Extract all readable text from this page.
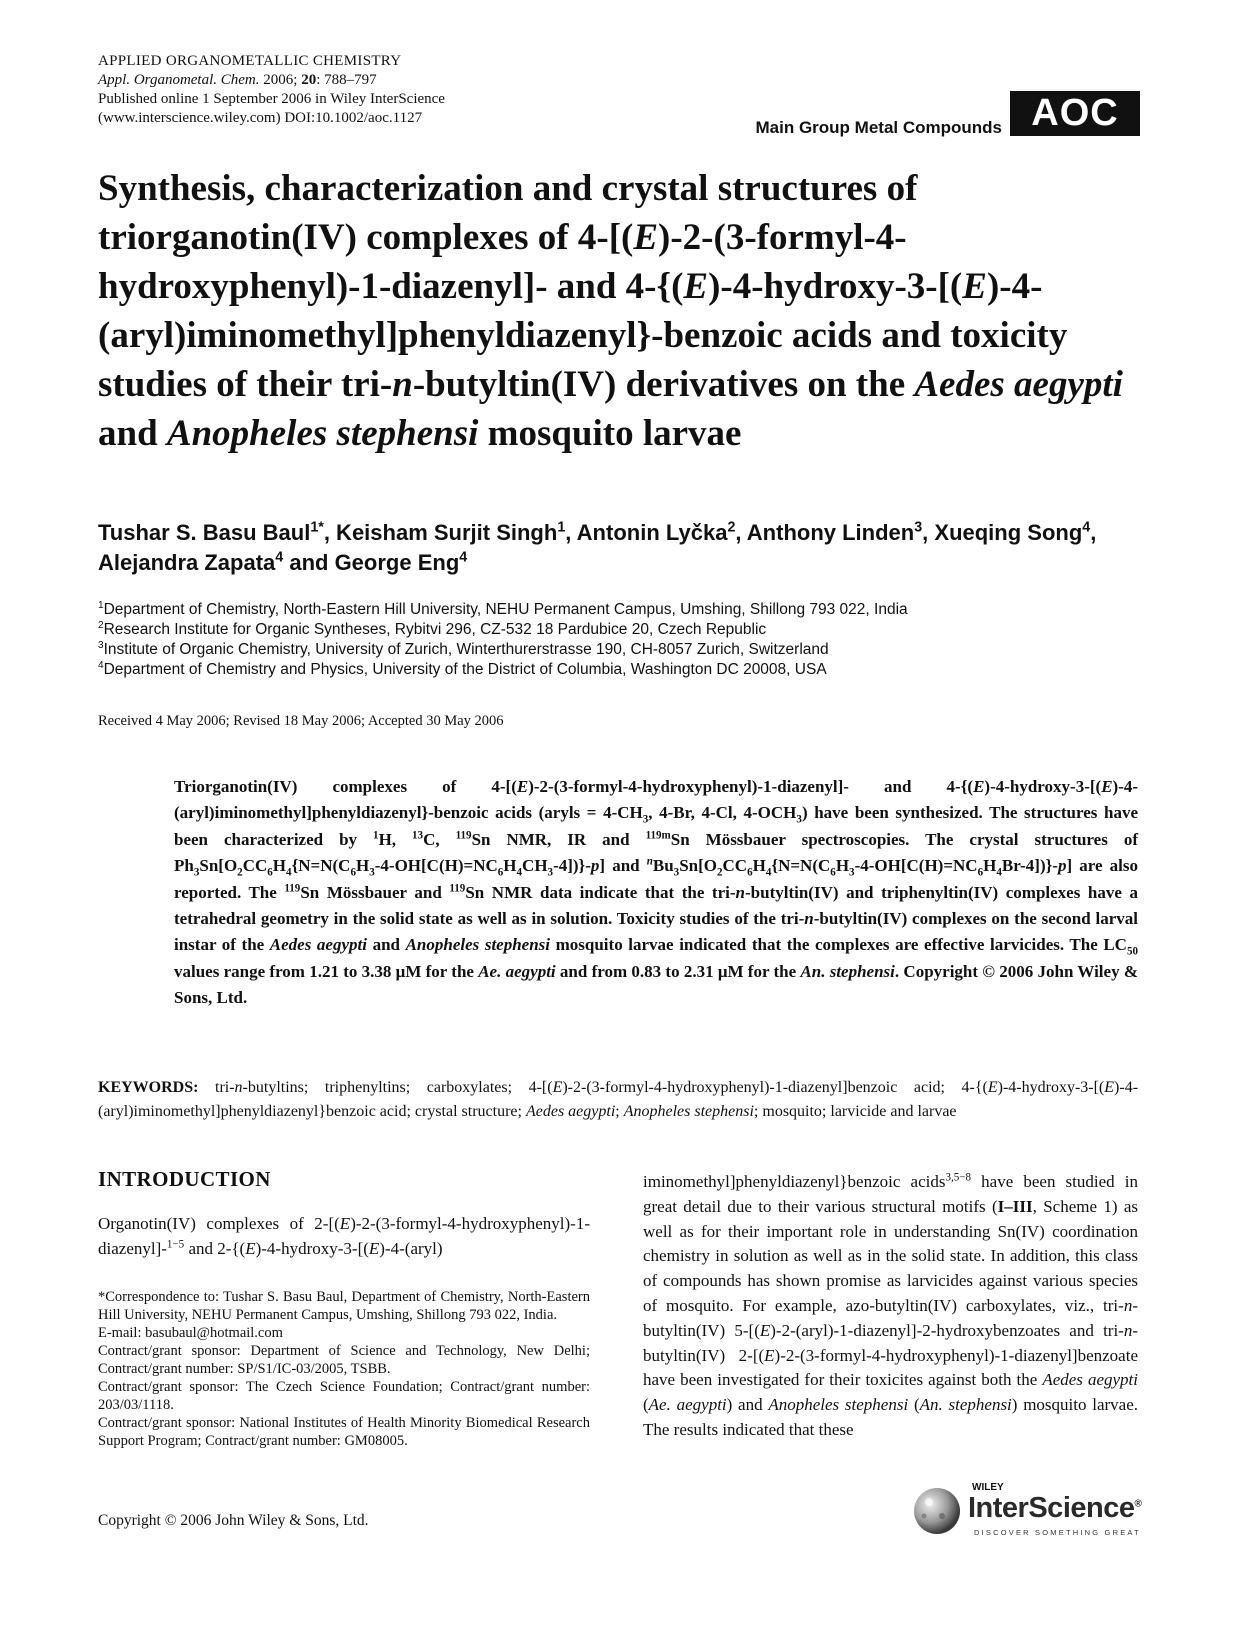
APPLIED ORGANOMETALLIC CHEMISTRY
Appl. Organometal. Chem. 2006; 20: 788–797
Published online 1 September 2006 in Wiley InterScience
(www.interscience.wiley.com) DOI:10.1002/aoc.1127	Main Group Metal Compounds AOC
Synthesis, characterization and crystal structures of triorganotin(IV) complexes of 4-[(E)-2-(3-formyl-4-hydroxyphenyl)-1-diazenyl]- and 4-{(E)-4-hydroxy-3-[(E)-4-(aryl)iminomethyl]phenyldiazenyl}-benzoic acids and toxicity studies of their tri-n-butyltin(IV) derivatives on the Aedes aegypti and Anopheles stephensi mosquito larvae

Tushar S. Basu Baul$^{1*}$, Keisham Surjit Singh$^1$, Antonin Lyčka$^2$, Anthony Linden$^3$, Xueqing Song$^4$, Alejandra Zapata$^4$ and George Eng$^4$

$^1$Department of Chemistry, North-Eastern Hill University, NEHU Permanent Campus, Umshing, Shillong 793 022, India
$^2$Research Institute for Organic Syntheses, Rybitvi 296, CZ-532 18 Pardubice 20, Czech Republic
$^3$Institute of Organic Chemistry, University of Zurich, Winterthurerstrasse 190, CH-8057 Zurich, Switzerland
$^4$Department of Chemistry and Physics, University of the District of Columbia, Washington DC 20008, USA
Received 4 May 2006; Revised 18 May 2006; Accepted 30 May 2006

Triorganotin(IV) complexes of 4-[(E)-2-(3-formyl-4-hydroxyphenyl)-1-diazenyl]- and 4-{(E)-4-hydroxy-3-[(E)-4-(aryl)iminomethyl]phenyldiazenyl}-benzoic acids (aryls = $4-CH_3$, 4-Br, 4-Cl, $4-OCH_3$) have been synthesized. The structures have been characterized by $^1$H, $^{13}$C, $^{119}$Sn NMR, IR and $^{119m}$Sn Mössbauer spectroscopies. The crystal structures of $Ph_3Sn[O_2CC_6H_4\{N=N(C_6H_3-4-OH[C(H)=NC_6H_4CH_3-4])\}-p]$ and $^nBu_3Sn[O_2CC_6H_4\{N=N(C_6H_3-4-OH[C(H)=NC_6H_4Br-4])\}-p]$ are also reported. The $^{119}$Sn Mössbauer and $^{119}$Sn NMR data indicate that the tri-n-butyltin(IV) and triphenyltin(IV) complexes have a tetrahedral geometry in the solid state as well as in solution. Toxicity studies of the tri-n-butyltin(IV) complexes on the second larval instar of the Aedes aegypti and Anopheles stephensi mosquito larvae indicated that the complexes are effective larvicides. The $LC_{50}$ values range from 1.21 to 3.38 μM for the Ae. aegypti and from 0.83 to 2.31 μM for the An. stephensi. Copyright © 2006 John Wiley & Sons, Ltd.

KEYWORDS: tri-n-butyltins; triphenyltins; carboxylates; 4-[(E)-2-(3-formyl-4-hydroxyphenyl)-1-diazenyl]benzoic acid; 4-{(E)-4-hydroxy-3-[(E)-4-(aryl)iminomethyl]phenyldiazenyl}benzoic acid; crystal structure; Aedes aegypti; Anopheles stephensi; mosquito; larvicide and larvae

INTRODUCTION

Organotin(IV) complexes of 2-[(E)-2-(3-formyl-4-hydroxyphenyl)-1-diazenyl]-$^{1-5}$ and 2-{(E)-4-hydroxy-3-[(E)-4-(aryl)

*Correspondence to: Tushar S. Basu Baul, Department of Chemistry, North-Eastern Hill University, NEHU Permanent Campus, Umshing, Shillong 793 022, India.

E-mail: basubaul@hotmail.com

Contract/grant sponsor: Department of Science and Technology, New Delhi; Contract/grant number: SP/S1/IC-03/2005, TSBB.

Contract/grant sponsor: The Czech Science Foundation; Contract/grant number: 203/03/1118.

Contract/grant sponsor: National Institutes of Health Minority Biomedical Research Support Program; Contract/grant number: GM08005.

iminomethyl]phenyldiazenyl}benzoic acids$^{3,5-8}$ have been studied in great detail due to their various structural motifs (I–III, Scheme 1) as well as for their important role in understanding Sn(IV) coordination chemistry in solution as well as in the solid state. In addition, this class of compounds has shown promise as larvicides against various species of mosquito. For example, azo-butyltin(IV) carboxylates, viz., tri-n-butyltin(IV) 5-[(E)-2-(aryl)-1-diazenyl]-2-hydroxybenzoates and tri-n-butyltin(IV) 2-[(E)-2-(3-formyl-4-hydroxyphenyl)-1-diazenyl]benzoate have been investigated for their toxicites against both the Aedes aegypti (Ae. aegypti) and Anopheles stephensi (An. stephensi) mosquito larvae. The results indicated that these

Copyright © 2006 John Wiley & Sons, Ltd.
WILEY
InterScience®
DISCOVER SOMETHING GREAT
